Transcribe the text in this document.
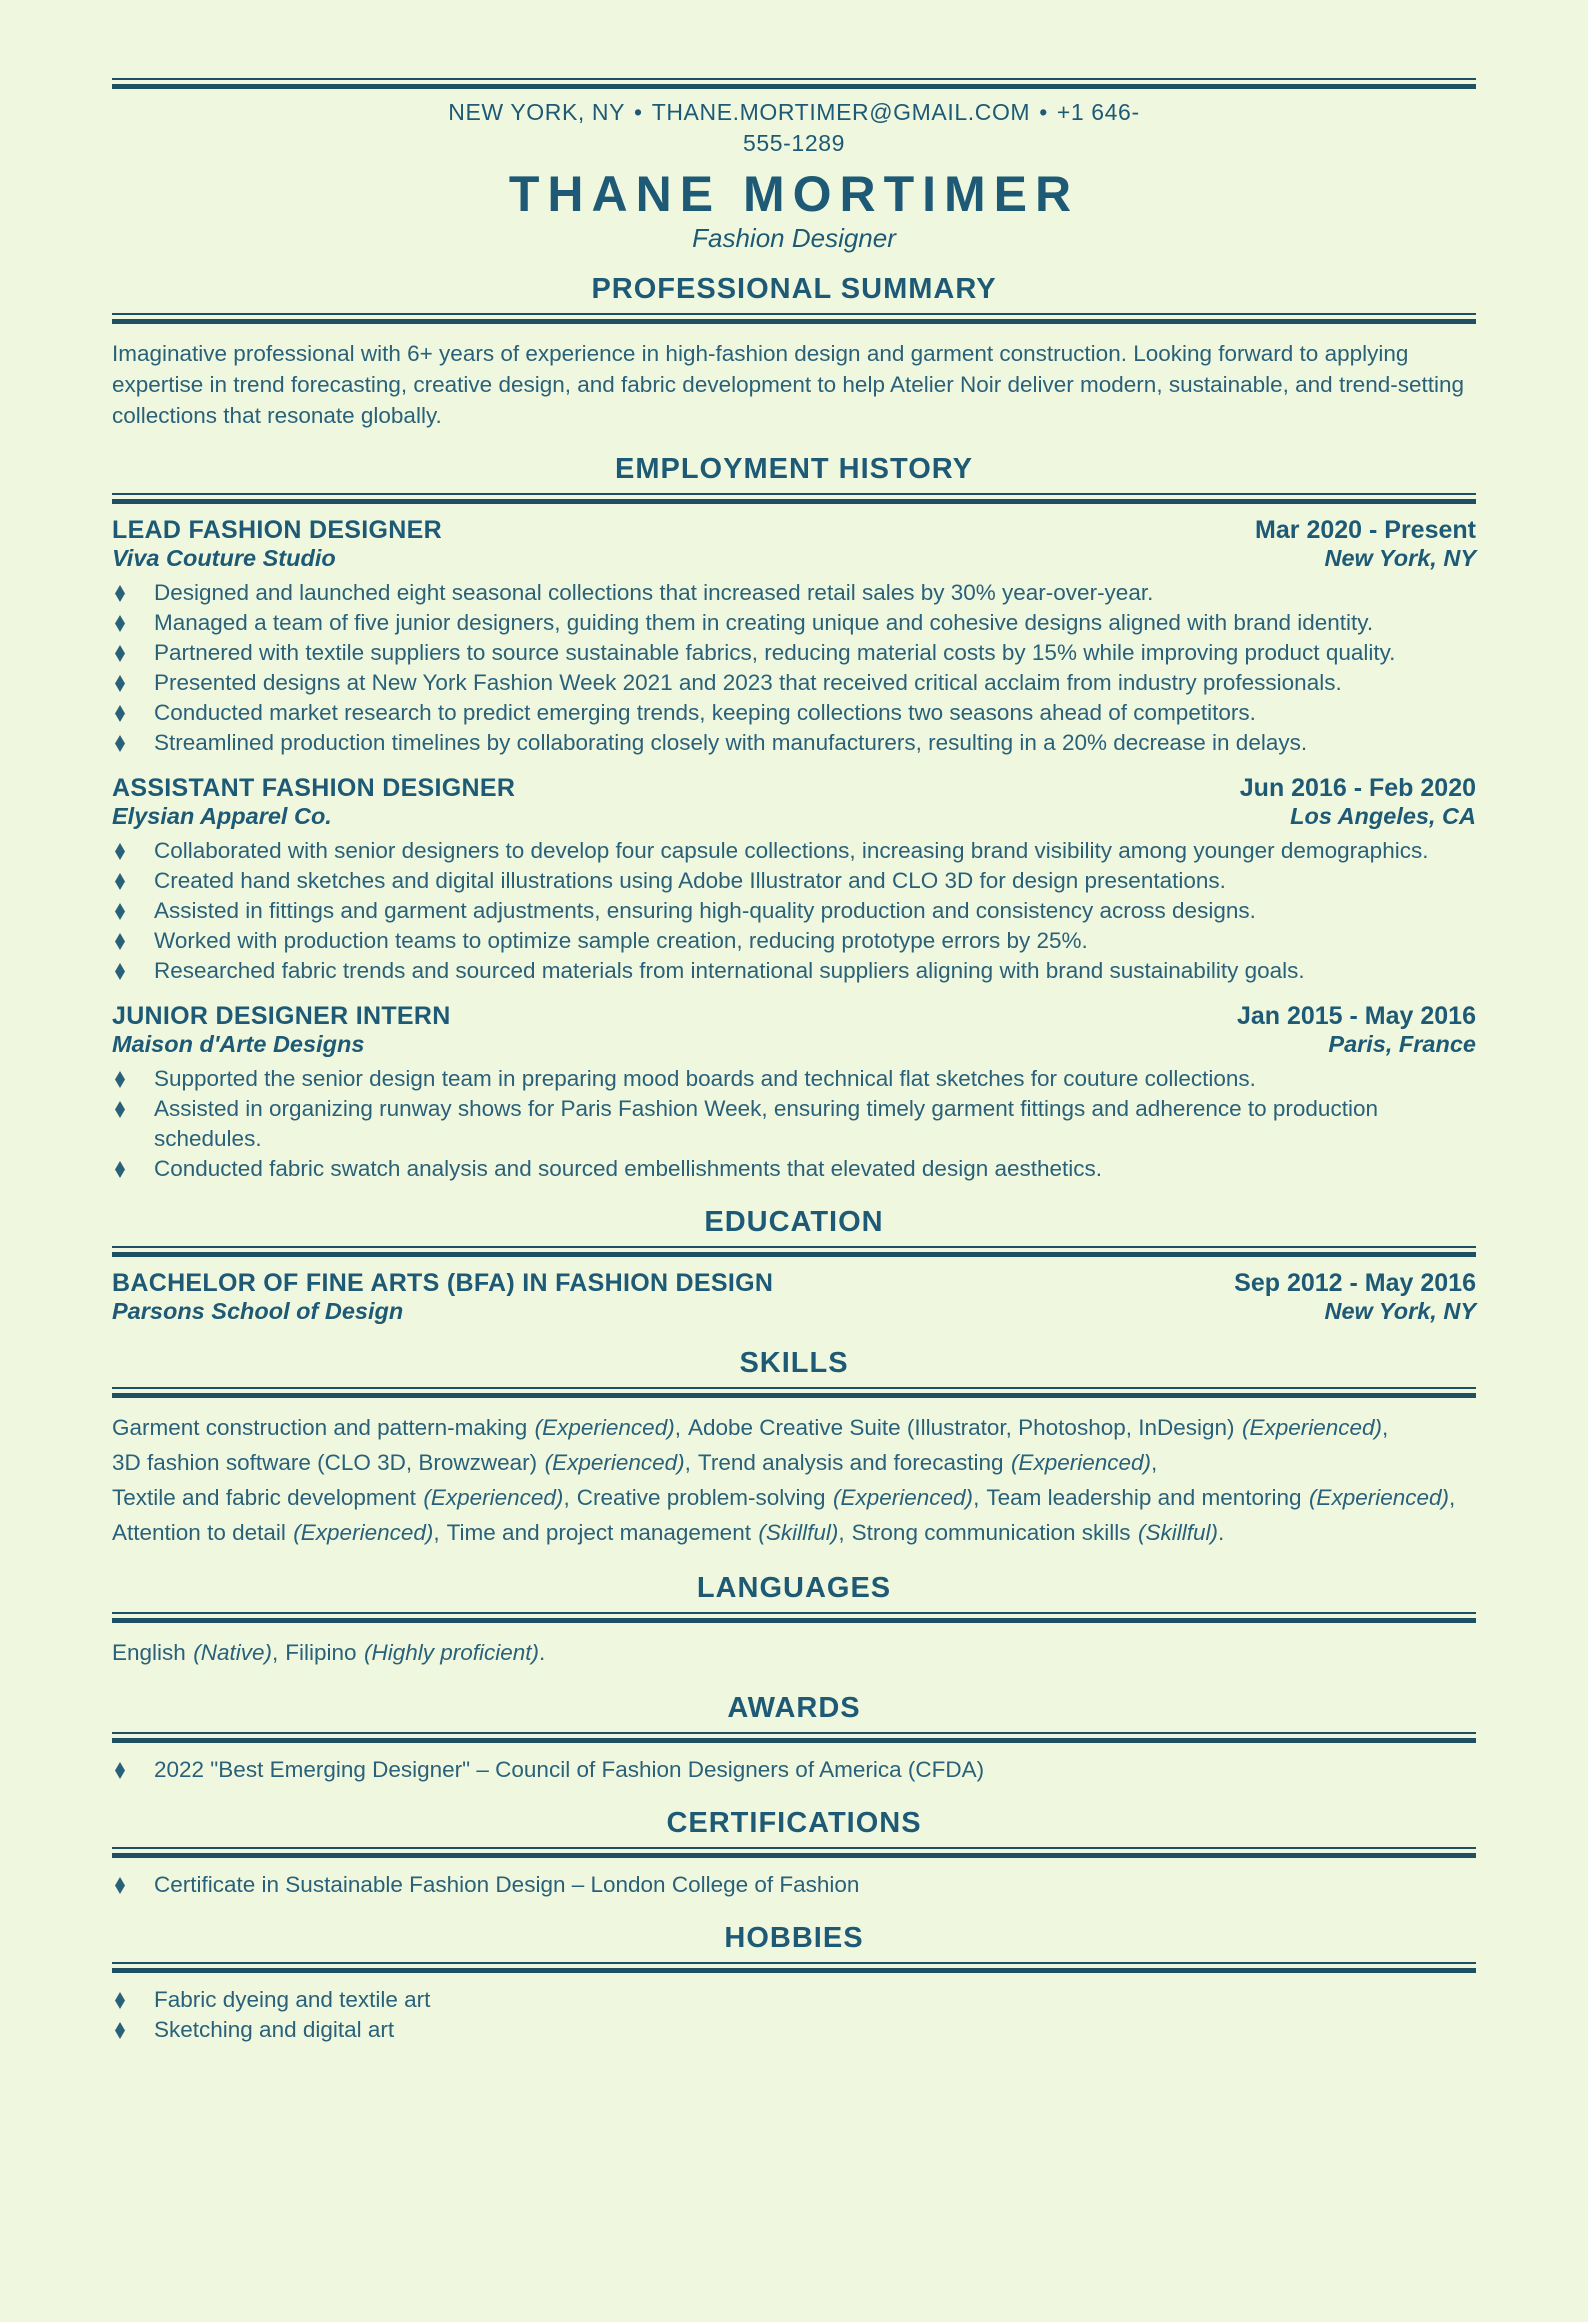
NEW YORK, NY • THANE.MORTIMER@GMAIL.COM • +1 646-555-1289
THANE MORTIMER
Fashion Designer
PROFESSIONAL SUMMARY

Imaginative professional with 6+ years of experience in high-fashion design and garment construction. Looking forward to applying expertise in trend forecasting, creative design, and fabric development to help Atelier Noir deliver modern, sustainable, and trend-setting collections that resonate globally.

EMPLOYMENT HISTORY
LEAD FASHION DESIGNER	Mar 2020 - Present
Viva Couture Studio	New York, NY
Designed and launched eight seasonal collections that increased retail sales by 30% year-over-year.
Managed a team of five junior designers, guiding them in creating unique and cohesive designs aligned with brand identity.
Partnered with textile suppliers to source sustainable fabrics, reducing material costs by 15% while improving product quality.
Presented designs at New York Fashion Week 2021 and 2023 that received critical acclaim from industry professionals.
Conducted market research to predict emerging trends, keeping collections two seasons ahead of competitors.
Streamlined production timelines by collaborating closely with manufacturers, resulting in a 20% decrease in delays.
ASSISTANT FASHION DESIGNER	Jun 2016 - Feb 2020
Elysian Apparel Co.	Los Angeles, CA
Collaborated with senior designers to develop four capsule collections, increasing brand visibility among younger demographics.
Created hand sketches and digital illustrations using Adobe Illustrator and CLO 3D for design presentations.
Assisted in fittings and garment adjustments, ensuring high-quality production and consistency across designs.
Worked with production teams to optimize sample creation, reducing prototype errors by 25%.
Researched fabric trends and sourced materials from international suppliers aligning with brand sustainability goals.
JUNIOR DESIGNER INTERN	Jan 2015 - May 2016
Maison d'Arte Designs	Paris, France
Supported the senior design team in preparing mood boards and technical flat sketches for couture collections.
Assisted in organizing runway shows for Paris Fashion Week, ensuring timely garment fittings and adherence to production schedules.
Conducted fabric swatch analysis and sourced embellishments that elevated design aesthetics.
EDUCATION
BACHELOR OF FINE ARTS (BFA) IN FASHION DESIGN	Sep 2012 - May 2016
Parsons School of Design	New York, NY
SKILLS
Garment construction and pattern-making (Experienced), Adobe Creative Suite (Illustrator, Photoshop, InDesign) (Experienced),3D fashion software (CLO 3D, Browzwear) (Experienced), Trend analysis and forecasting (Experienced),Textile and fabric development (Experienced), Creative problem-solving (Experienced), Team leadership and mentoring (Experienced),Attention to detail (Experienced), Time and project management (Skillful), Strong communication skills (Skillful).
LANGUAGES
English (Native), Filipino (Highly proficient).
AWARDS
2022 "Best Emerging Designer" – Council of Fashion Designers of America (CFDA)
CERTIFICATIONS
Certificate in Sustainable Fashion Design – London College of Fashion
HOBBIES
Fabric dyeing and textile art
Sketching and digital art
